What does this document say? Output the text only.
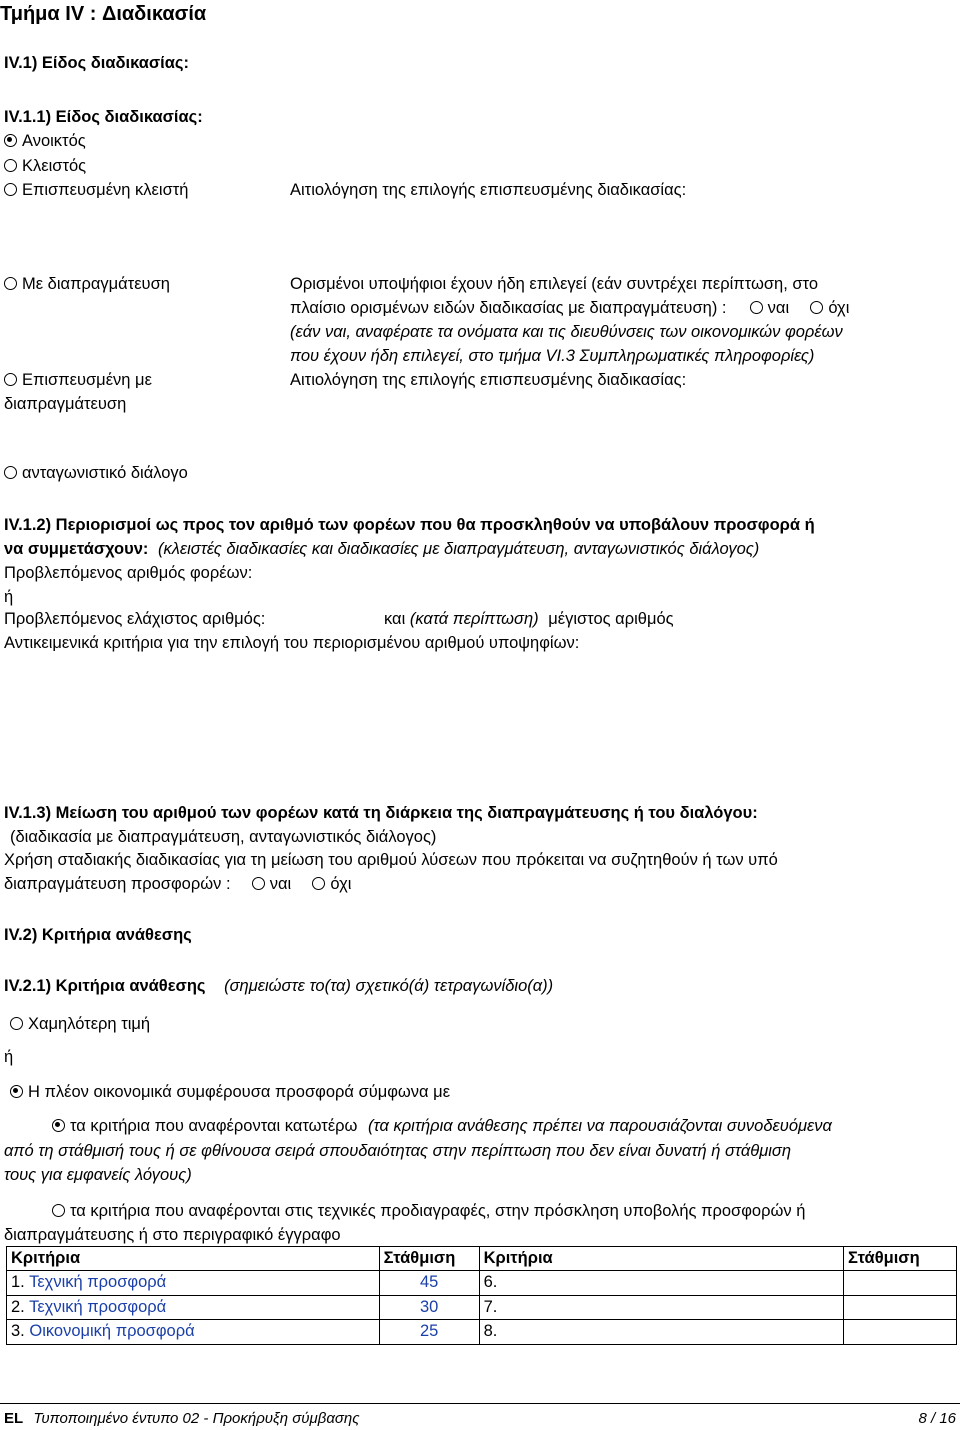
Τμήμα IV : Διαδικασία
IV.1) Είδος διαδικασίας:
IV.1.1) Είδος διαδικασίας:
Ανοικτός
Κλειστός
Επισπευσμένη κλειστή	Αιτιολόγηση της επιλογής επισπευσμένης διαδικασίας:
Με διαπραγμάτευση	Ορισμένοι υποψήφιοι έχουν ήδη επιλεγεί (εάν συντρέχει περίπτωση, στο
πλαίσιο ορισμένων ειδών διαδικασίας με διαπραγμάτευση) : ναι όχι
(εάν ναι, αναφέρατε τα ονόματα και τις διευθύνσεις των οικονομικών φορέων
που έχουν ήδη επιλεγεί, στο τμήμα VI.3 Συμπληρωματικές πληροφορίες)
Επισπευσμένη με διαπραγμάτευση
Αιτιολόγηση της επιλογής επισπευσμένης διαδικασίας:
ανταγωνιστικό διάλογο
IV.1.2) Περιορισμοί ως προς τον αριθμό των φορέων που θα προσκληθούν να υποβάλουν προσφορά ή
να συμμετάσχουν: (κλειστές διαδικασίες και διαδικασίες με διαπραγμάτευση, ανταγωνιστικός διάλογος)
Προβλεπόμενος αριθμός φορέων:
ή
Προβλεπόμενος ελάχιστος αριθμός:	και (κατά περίπτωση) μέγιστος αριθμός
Αντικειμενικά κριτήρια για την επιλογή του περιορισμένου αριθμού υποψηφίων:
IV.1.3) Μείωση του αριθμού των φορέων κατά τη διάρκεια της διαπραγμάτευσης ή του διαλόγου:
(διαδικασία με διαπραγμάτευση, ανταγωνιστικός διάλογος)
Χρήση σταδιακής διαδικασίας για τη μείωση του αριθμού λύσεων που πρόκειται να συζητηθούν ή των υπό
διαπραγμάτευση προσφορών : ναι όχι
IV.2) Κριτήρια ανάθεσης
IV.2.1) Κριτήρια ανάθεσης (σημειώστε το(τα) σχετικό(ά) τετραγωνίδιο(α))
Χαμηλότερη τιμή
ή
Η πλέον οικονομικά συμφέρουσα προσφορά σύμφωνα με
τα κριτήρια που αναφέρονται κατωτέρω (τα κριτήρια ανάθεσης πρέπει να παρουσιάζονται συνοδευόμενα
από τη στάθμισή τους ή σε φθίνουσα σειρά σπουδαιότητας στην περίπτωση που δεν είναι δυνατή ή στάθμιση
τους για εμφανείς λόγους)
τα κριτήρια που αναφέρονται στις τεχνικές προδιαγραφές, στην πρόσκληση υποβολής προσφορών ή
διαπραγμάτευσης ή στο περιγραφικό έγγραφο
Κριτήρια	Στάθμιση	Κριτήρια	Στάθμιση
1. Τεχνική προσφορά	45	6.	
2. Τεχνική προσφορά	30	7.	
3. Οικονομική προσφορά	25	8.	
EL Τυποποιημένο έντυπο 02 - Προκήρυξη σύμβασης	8 / 16
